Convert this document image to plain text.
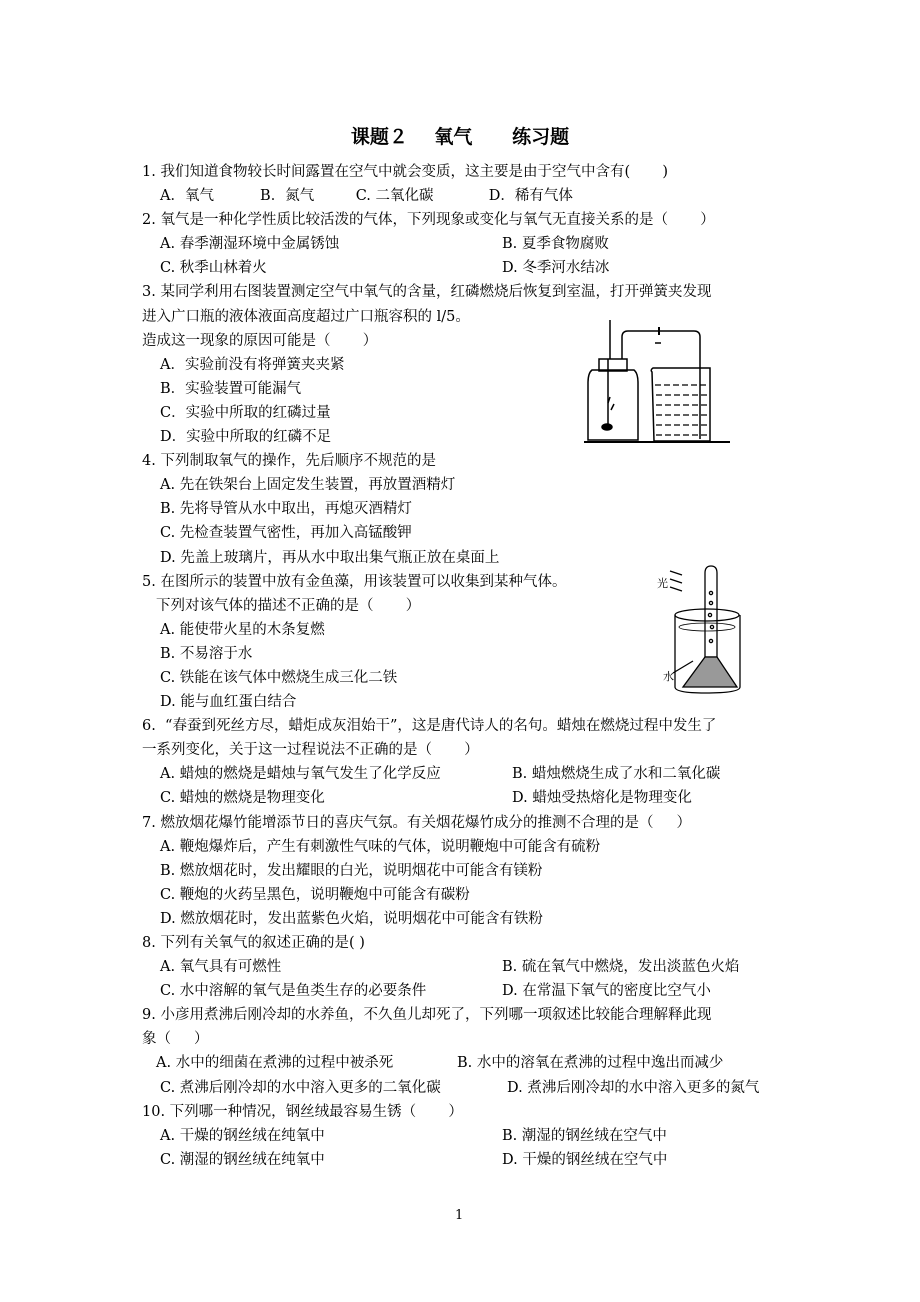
课题２    氧气      练习题
1. 我们知道食物较长时间露置在空气中就会变质，这主要是由于空气中含有(       )
A．氧气          B．氮气         C. 二氧化碳            D．稀有气体
2. 氧气是一种化学性质比较活泼的气体，下列现象或变化与氧气无直接关系的是（       ）
A. 春季潮湿环境中金属锈蚀	B. 夏季食物腐败
C. 秋季山林着火	D. 冬季河水结冰
3. 某同学利用右图装置测定空气中氧气的含量，红磷燃烧后恢复到室温，打开弹簧夹发现
进入广口瓶的液体液面高度超过广口瓶容积的 l/5。
造成这一现象的原因可能是（       ）
A．实验前没有将弹簧夹夹紧
B．实验装置可能漏气
C．实验中所取的红磷过量
D．实验中所取的红磷不足
4. 下列制取氧气的操作，先后顺序不规范的是
A. 先在铁架台上固定发生装置，再放置酒精灯
B. 先将导管从水中取出，再熄灭酒精灯
C. 先检查装置气密性，再加入高锰酸钾
D. 先盖上玻璃片，再从水中取出集气瓶正放在桌面上
5. 在图所示的装置中放有金鱼藻，用该装置可以收集到某种气体。
下列对该气体的描述不正确的是（       ）
A. 能使带火星的木条复燃
B. 不易溶于水
C. 铁能在该气体中燃烧生成三化二铁
D. 能与血红蛋白结合
6.  “春蚕到死丝方尽，蜡炬成灰泪始干”，这是唐代诗人的名句。蜡烛在燃烧过程中发生了
一系列变化，关于这一过程说法不正确的是（       ）
A. 蜡烛的燃烧是蜡烛与氧气发生了化学反应	B. 蜡烛燃烧生成了水和二氧化碳
C. 蜡烛的燃烧是物理变化	D. 蜡烛受热熔化是物理变化
7. 燃放烟花爆竹能增添节日的喜庆气氛。有关烟花爆竹成分的推测不合理的是（     ）
A. 鞭炮爆炸后，产生有刺激性气味的气体，说明鞭炮中可能含有硫粉
B. 燃放烟花时，发出耀眼的白光，说明烟花中可能含有镁粉
C. 鞭炮的火药呈黑色，说明鞭炮中可能含有碳粉
D. 燃放烟花时，发出蓝紫色火焰，说明烟花中可能含有铁粉
8. 下列有关氧气的叙述正确的是( )
A. 氧气具有可燃性	B. 硫在氧气中燃烧，发出淡蓝色火焰
C. 水中溶解的氧气是鱼类生存的必要条件	D. 在常温下氧气的密度比空气小
9. 小彦用煮沸后刚冷却的水养鱼，不久鱼儿却死了，下列哪一项叙述比较能合理解释此现
象（     ）
A. 水中的细菌在煮沸的过程中被杀死	B. 水中的溶氧在煮沸的过程中逸出而减少
C. 煮沸后刚冷却的水中溶入更多的二氧化碳	D. 煮沸后刚冷却的水中溶入更多的氮气
10. 下列哪一种情况，钢丝绒最容易生锈（       ）
A. 干燥的钢丝绒在纯氧中	B. 潮湿的钢丝绒在空气中
C. 潮湿的钢丝绒在纯氧中	D. 干燥的钢丝绒在空气中
光
水
1
